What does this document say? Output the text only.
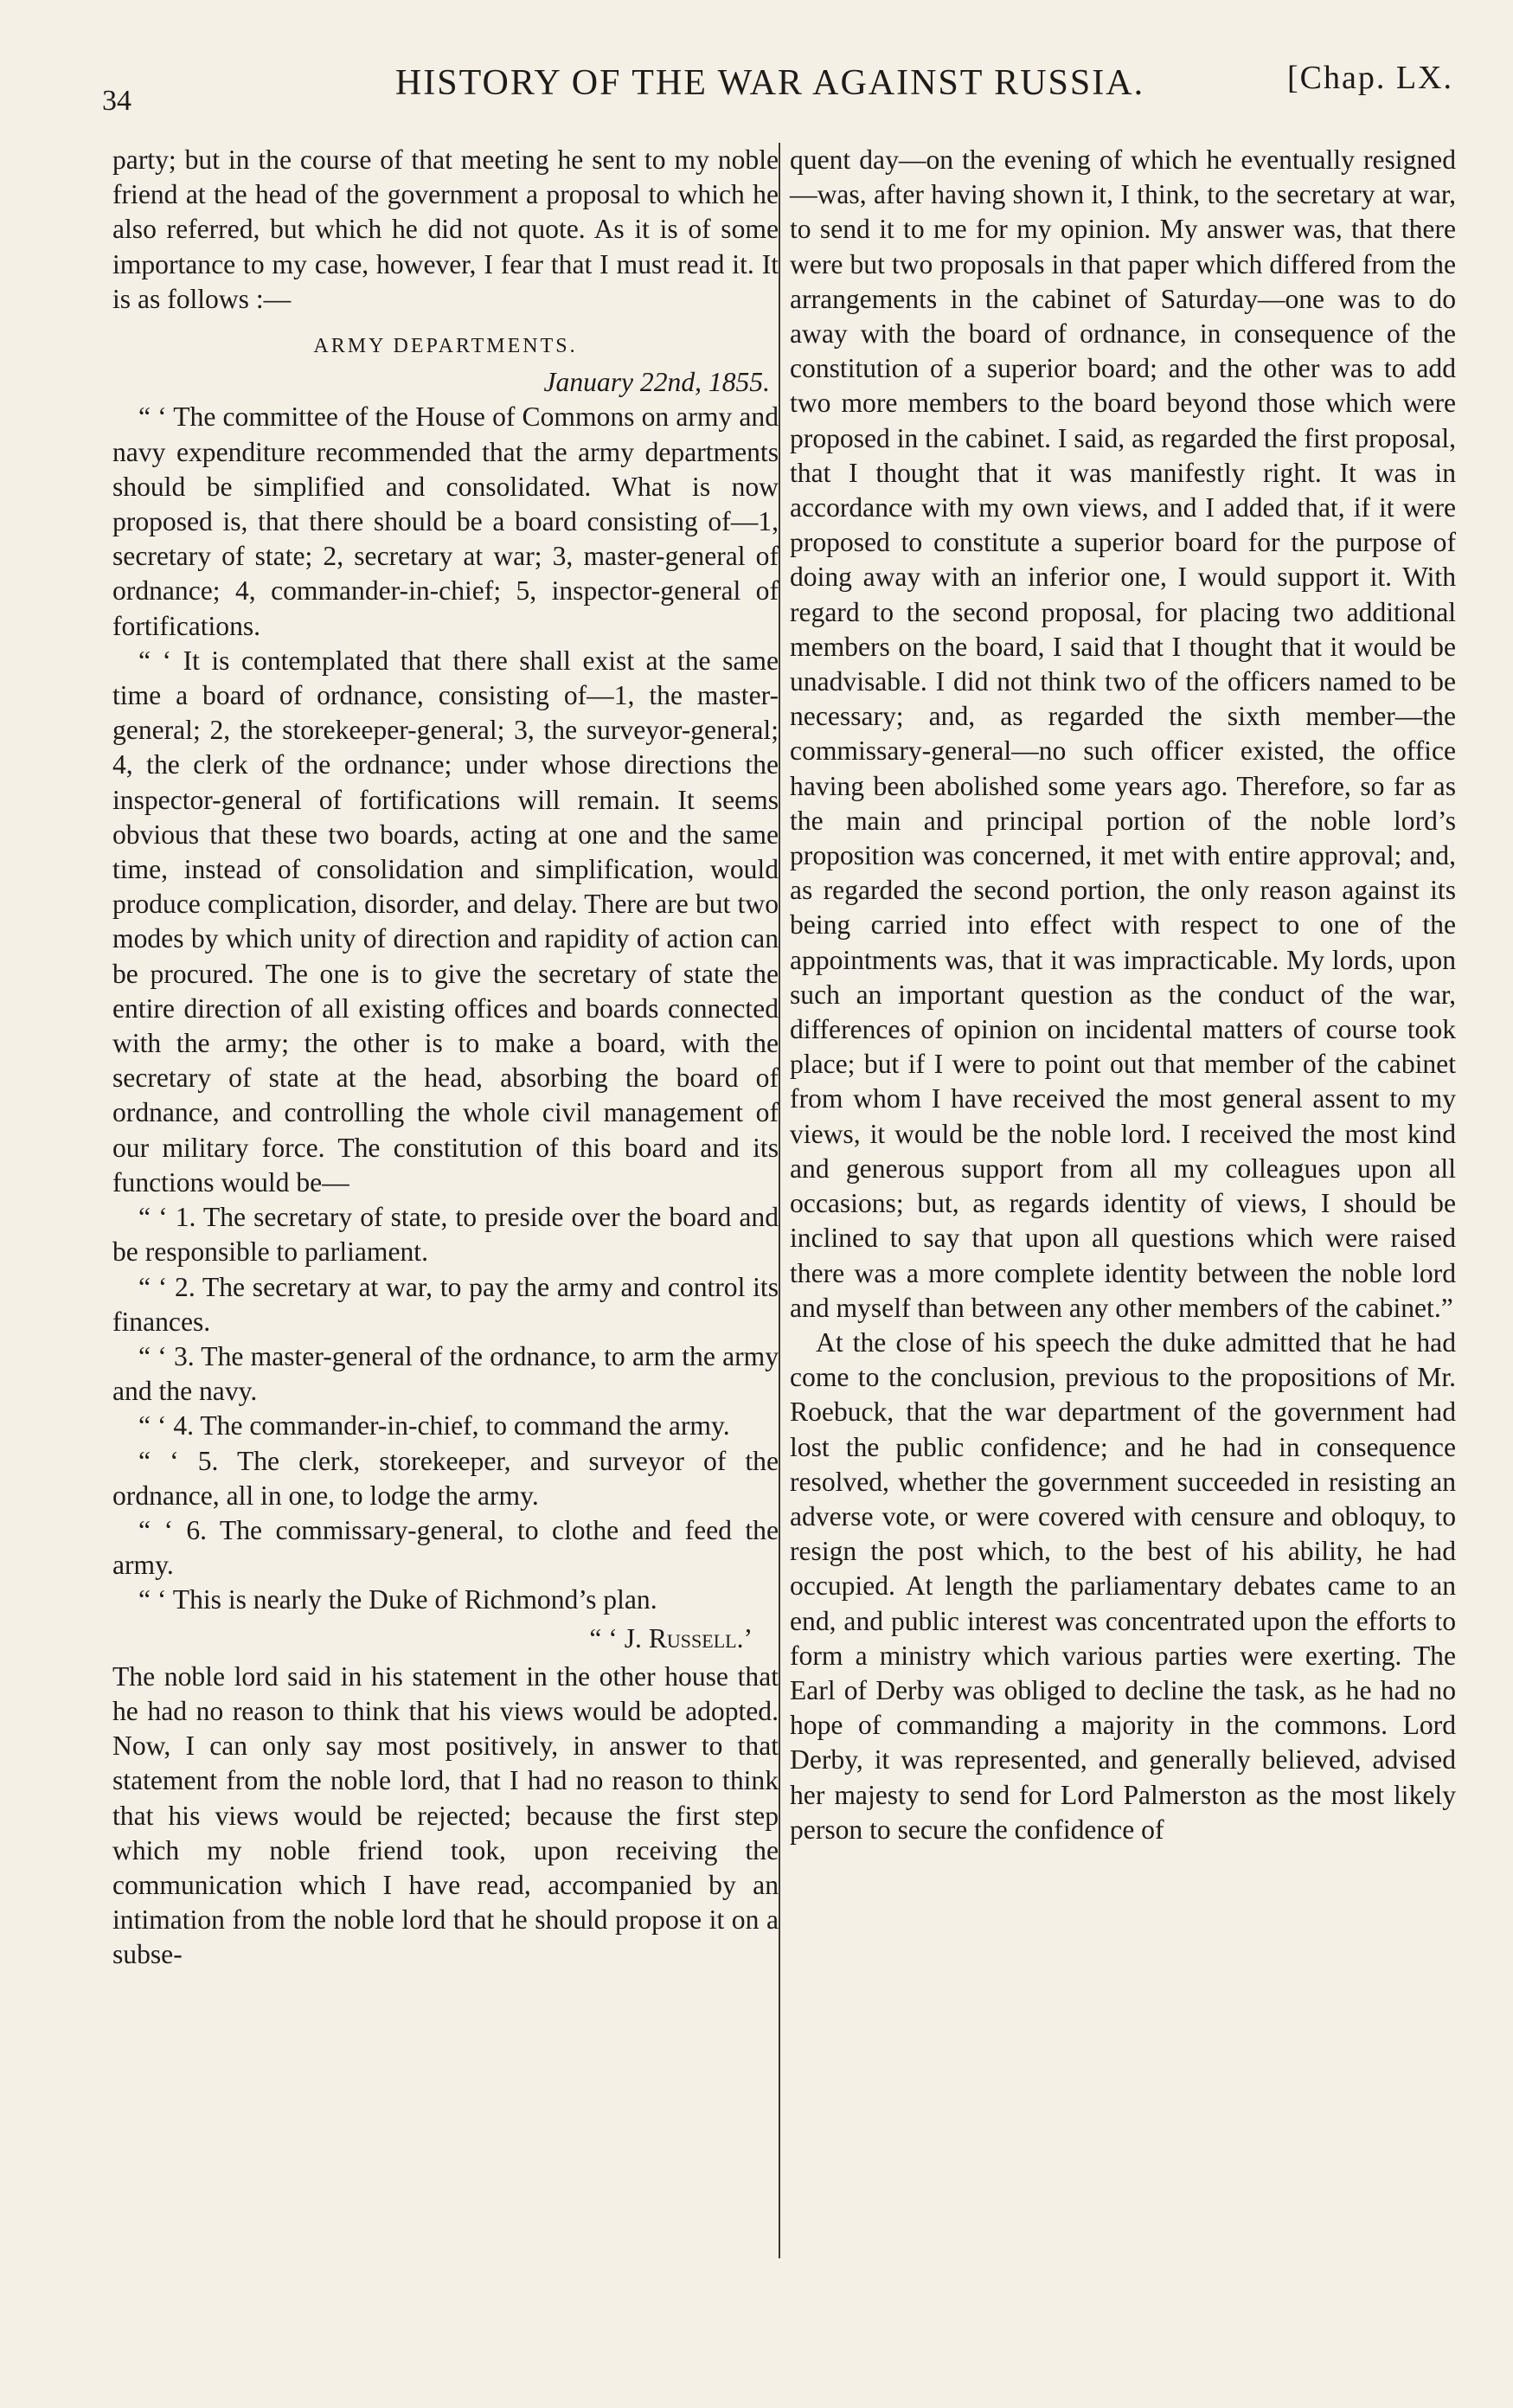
34	HISTORY OF THE WAR AGAINST RUSSIA.	[Chap. LX.

party; but in the course of that meeting he sent to my noble friend at the head of the government a proposal to which he also referred, but which he did not quote. As it is of some importance to my case, however, I fear that I must read it. It is as follows :—

ARMY DEPARTMENTS.
January 22nd, 1855.

“ ‘ The committee of the House of Commons on army and navy expenditure recommended that the army departments should be simplified and consolidated. What is now proposed is, that there should be a board consisting of—1, secretary of state; 2, secretary at war; 3, master-general of ordnance; 4, commander-in-chief; 5, inspector-general of fortifications.

“ ‘ It is contemplated that there shall exist at the same time a board of ordnance, consisting of—1, the master-general; 2, the storekeeper-general; 3, the surveyor-general; 4, the clerk of the ordnance; under whose directions the inspector-general of fortifications will remain. It seems obvious that these two boards, acting at one and the same time, instead of consolidation and simplification, would produce complication, disorder, and delay. There are but two modes by which unity of direction and rapidity of action can be procured. The one is to give the secretary of state the entire direction of all existing offices and boards connected with the army; the other is to make a board, with the secretary of state at the head, absorbing the board of ordnance, and controlling the whole civil management of our military force. The constitution of this board and its functions would be—

“ ‘ 1. The secretary of state, to preside over the board and be responsible to parliament.

“ ‘ 2. The secretary at war, to pay the army and control its finances.

“ ‘ 3. The master-general of the ordnance, to arm the army and the navy.

“ ‘ 4. The commander-in-chief, to command the army.

“ ‘ 5. The clerk, storekeeper, and surveyor of the ordnance, all in one, to lodge the army.

“ ‘ 6. The commissary-general, to clothe and feed the army.

“ ‘ This is nearly the Duke of Richmond’s plan.

“ ‘ J. Russell.’

The noble lord said in his statement in the other house that he had no reason to think that his views would be adopted. Now, I can only say most positively, in answer to that statement from the noble lord, that I had no reason to think that his views would be rejected; because the first step which my noble friend took, upon receiving the communication which I have read, accompanied by an intimation from the noble lord that he should propose it on a subse-

quent day—on the evening of which he eventually resigned—was, after having shown it, I think, to the secretary at war, to send it to me for my opinion. My answer was, that there were but two proposals in that paper which differed from the arrangements in the cabinet of Saturday—one was to do away with the board of ordnance, in consequence of the constitution of a superior board; and the other was to add two more members to the board beyond those which were proposed in the cabinet. I said, as regarded the first proposal, that I thought that it was manifestly right. It was in accordance with my own views, and I added that, if it were proposed to constitute a superior board for the purpose of doing away with an inferior one, I would support it. With regard to the second proposal, for placing two additional members on the board, I said that I thought that it would be unadvisable. I did not think two of the officers named to be necessary; and, as regarded the sixth member—the commissary-general—no such officer existed, the office having been abolished some years ago. Therefore, so far as the main and principal portion of the noble lord’s proposition was concerned, it met with entire approval; and, as regarded the second portion, the only reason against its being carried into effect with respect to one of the appointments was, that it was impracticable. My lords, upon such an important question as the conduct of the war, differences of opinion on incidental matters of course took place; but if I were to point out that member of the cabinet from whom I have received the most general assent to my views, it would be the noble lord. I received the most kind and generous support from all my colleagues upon all occasions; but, as regards identity of views, I should be inclined to say that upon all questions which were raised there was a more complete identity between the noble lord and myself than between any other members of the cabinet.”

At the close of his speech the duke admitted that he had come to the conclusion, previous to the propositions of Mr. Roebuck, that the war department of the government had lost the public confidence; and he had in consequence resolved, whether the government succeeded in resisting an adverse vote, or were covered with censure and obloquy, to resign the post which, to the best of his ability, he had occupied. At length the parliamentary debates came to an end, and public interest was concentrated upon the efforts to form a ministry which various parties were exerting. The Earl of Derby was obliged to decline the task, as he had no hope of commanding a majority in the commons. Lord Derby, it was represented, and generally believed, advised her majesty to send for Lord Palmerston as the most likely person to secure the confidence of
